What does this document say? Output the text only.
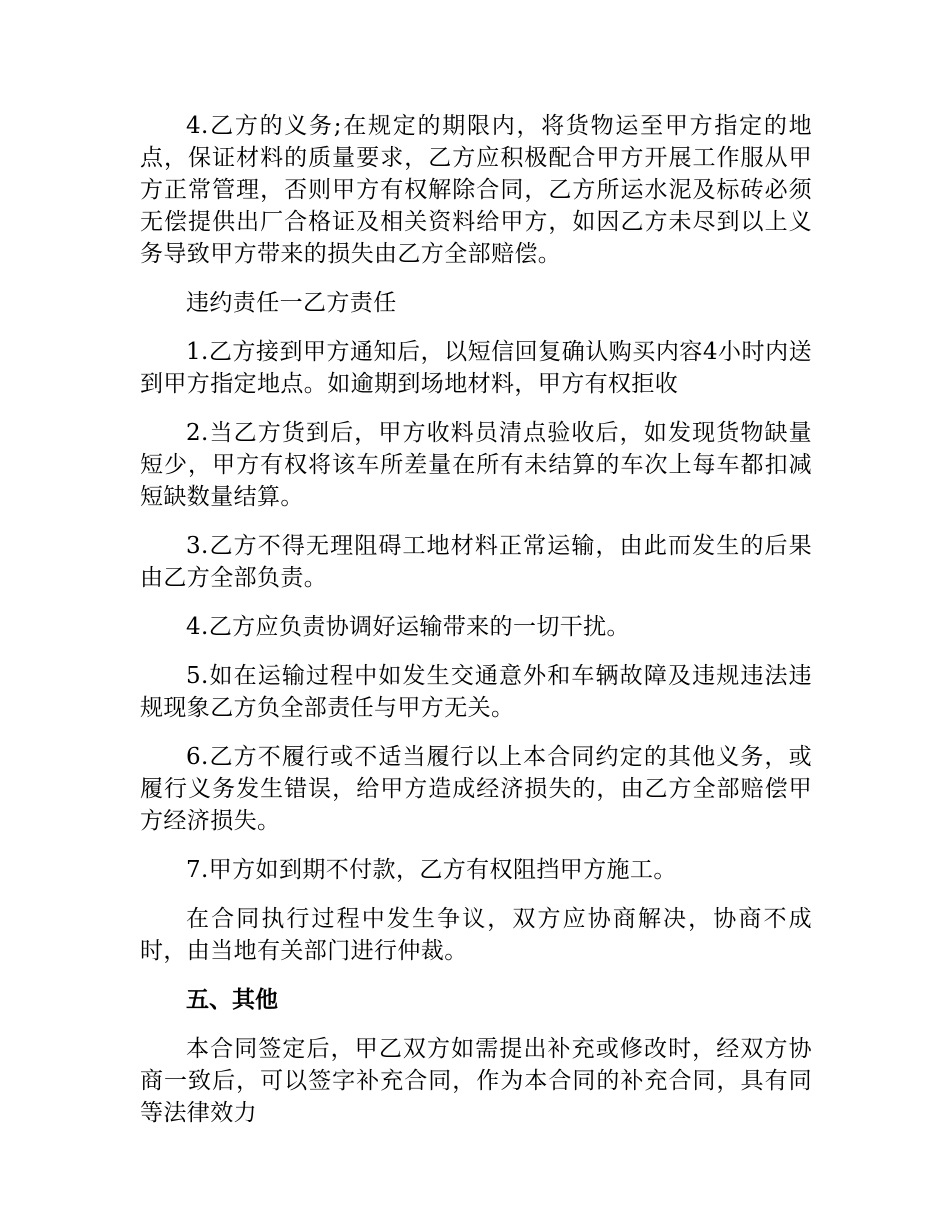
4.乙方的义务;在规定的期限内，将货物运至甲方指定的地点，保证材料的质量要求，乙方应积极配合甲方开展工作服从甲方正常管理，否则甲方有权解除合同，乙方所运水泥及标砖必须无偿提供出厂合格证及相关资料给甲方，如因乙方未尽到以上义务导致甲方带来的损失由乙方全部赔偿。

违约责任一乙方责任

1.乙方接到甲方通知后，以短信回复确认购买内容4小时内送到甲方指定地点。如逾期到场地材料，甲方有权拒收

2.当乙方货到后，甲方收料员清点验收后，如发现货物缺量短少，甲方有权将该车所差量在所有未结算的车次上每车都扣减短缺数量结算。

3.乙方不得无理阻碍工地材料正常运输，由此而发生的后果由乙方全部负责。

4.乙方应负责协调好运输带来的一切干扰。

5.如在运输过程中如发生交通意外和车辆故障及违规违法违规现象乙方负全部责任与甲方无关。

6.乙方不履行或不适当履行以上本合同约定的其他义务，或履行义务发生错误，给甲方造成经济损失的，由乙方全部赔偿甲方经济损失。

7.甲方如到期不付款，乙方有权阻挡甲方施工。

在合同执行过程中发生争议，双方应协商解决，协商不成时，由当地有关部门进行仲裁。

五、其他

本合同签定后，甲乙双方如需提出补充或修改时，经双方协商一致后，可以签字补充合同，作为本合同的补充合同，具有同等法律效力
